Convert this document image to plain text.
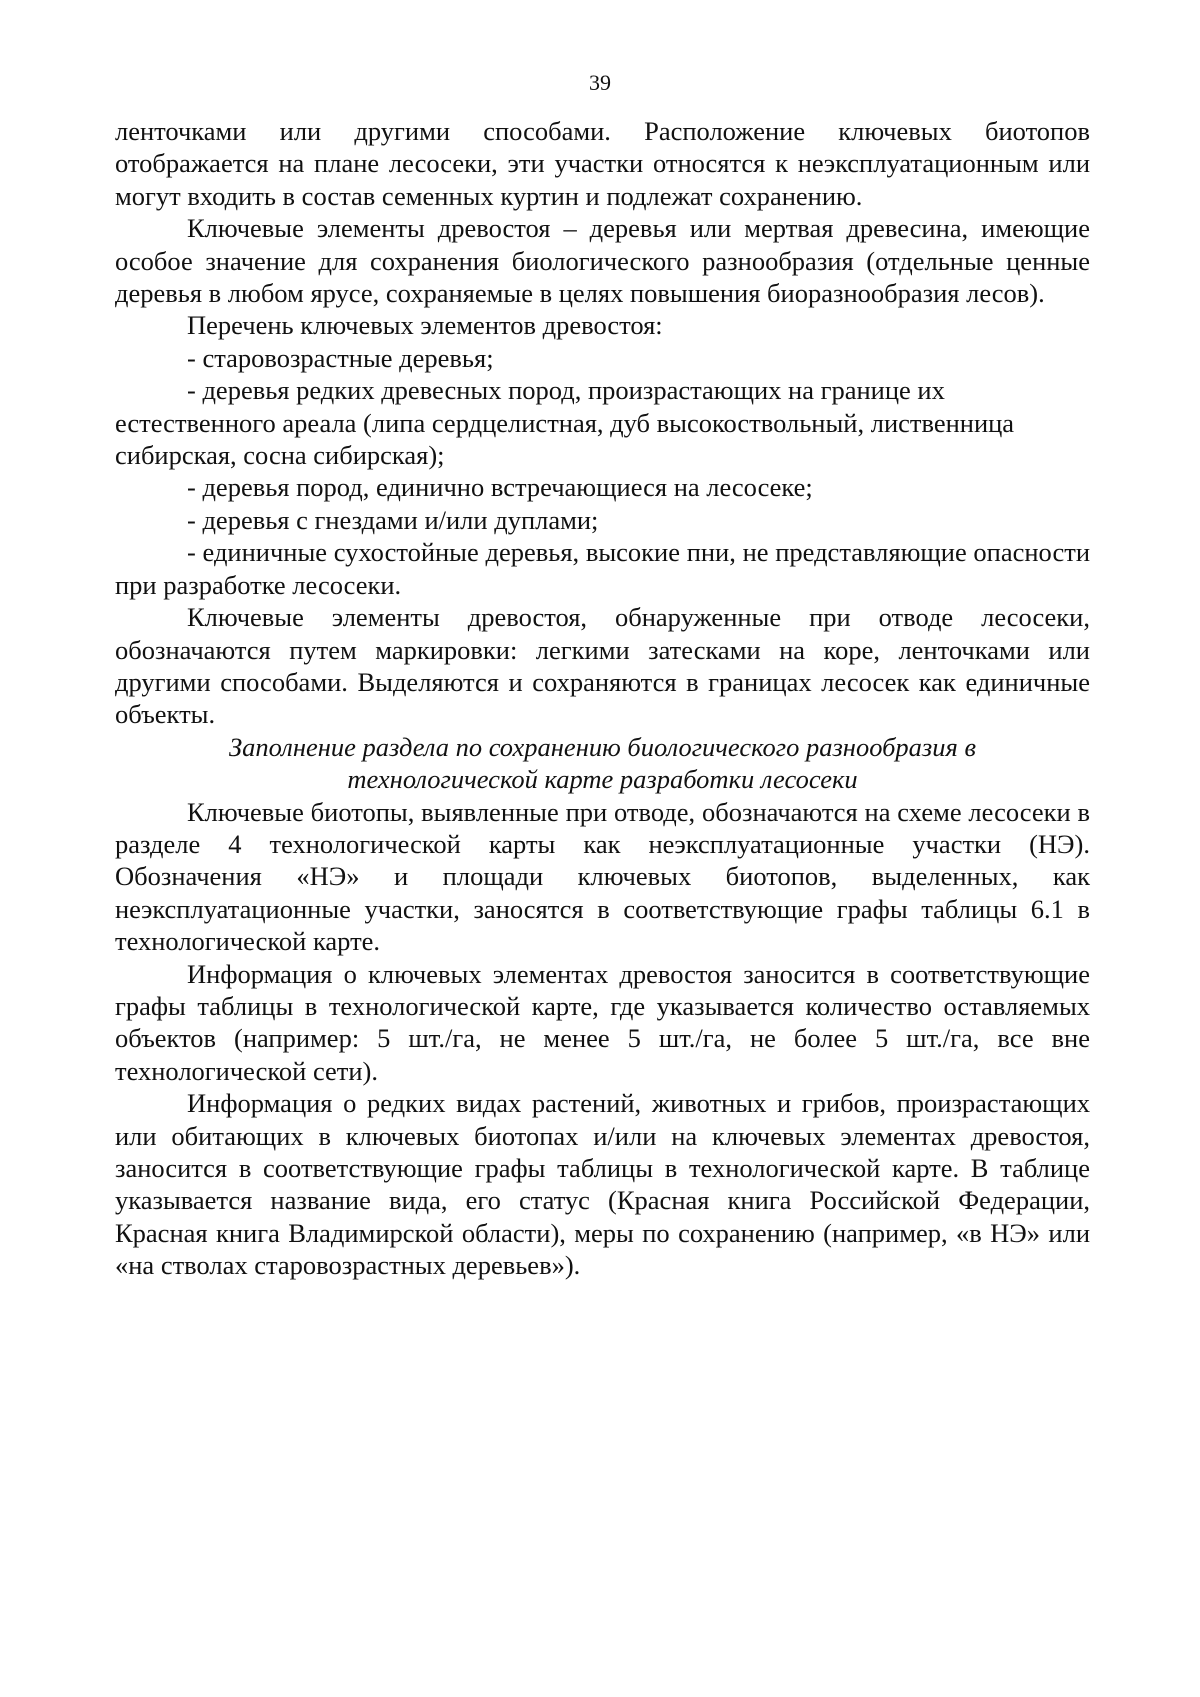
39

ленточками или другими способами. Расположение ключевых биотопов отображается на плане лесосеки, эти участки относятся к неэксплуатационным или могут входить в состав семенных куртин и подлежат сохранению.

Ключевые элементы древостоя – деревья или мертвая древесина, имеющие особое значение для сохранения биологического разнообразия (отдельные ценные деревья в любом ярусе, сохраняемые в целях повышения биоразнообразия лесов).

Перечень ключевых элементов древостоя:

- старовозрастные деревья;

- деревья редких древесных пород, произрастающих на границе их естественного ареала (липа сердцелистная, дуб высокоствольный, лиственница сибирская, сосна сибирская);

- деревья пород, единично встречающиеся на лесосеке;

- деревья с гнездами и/или дуплами;

- единичные сухостойные деревья, высокие пни, не представляющие опасности при разработке лесосеки.

Ключевые элементы древостоя, обнаруженные при отводе лесосеки, обозначаются путем маркировки: легкими затесками на коре, ленточками или другими способами. Выделяются и сохраняются в границах лесосек как единичные объекты.

Заполнение раздела по сохранению биологического разнообразия в
технологической карте разработки лесосеки

Ключевые биотопы, выявленные при отводе, обозначаются на схеме лесосеки в разделе 4 технологической карты как неэксплуатационные участки (НЭ). Обозначения «НЭ» и площади ключевых биотопов, выделенных, как неэксплуатационные участки, заносятся в соответствующие графы таблицы 6.1 в технологической карте.

Информация о ключевых элементах древостоя заносится в соответствующие графы таблицы в технологической карте, где указывается количество оставляемых объектов (например: 5 шт./га, не менее 5 шт./га, не более 5 шт./га, все вне технологической сети).

Информация о редких видах растений, животных и грибов, произрастающих или обитающих в ключевых биотопах и/или на ключевых элементах древостоя, заносится в соответствующие графы таблицы в технологической карте. В таблице указывается название вида, его статус (Красная книга Российской Федерации, Красная книга Владимирской области), меры по сохранению (например, «в НЭ» или «на стволах старовозрастных деревьев»).
